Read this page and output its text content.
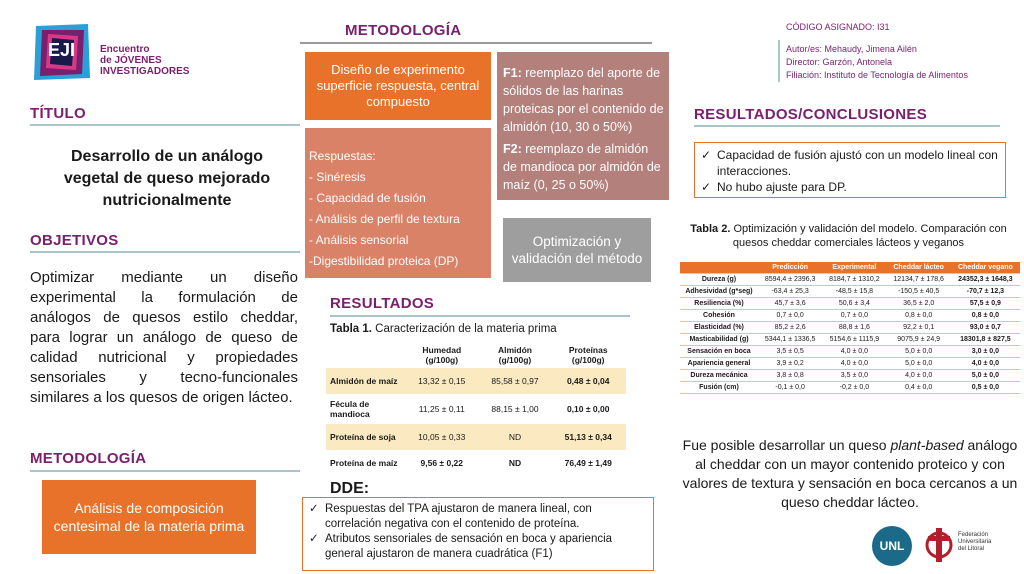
EJI Encuentro
de JÓVENES
INVESTIGADORES
CÓDIGO ASIGNADO: I31
Autor/es: Mehaudy, Jimena Ailén
Director: Garzón, Antonela
Filiación: Instituto de Tecnología de Alimentos
TÍTULO
Desarrollo de un análogo vegetal de queso mejorado nutricionalmente
OBJETIVOS
Optimizar mediante un diseño experimental la formulación de análogos de quesos estilo cheddar, para lograr un análogo de queso de calidad nutricional y propiedades sensoriales y tecno-funcionales similares a los quesos de origen lácteo.
METODOLOGÍA
Análisis de composición centesimal de la materia prima
METODOLOGÍA
Diseño de experimento superficie respuesta, central compuesto
Respuestas:
- Sinéresis
- Capacidad de fusión
- Análisis de perfil de textura
- Análisis sensorial
-Digestibilidad proteica (DP)
F1: reemplazo del aporte de sólidos de las harinas proteicas por el contenido de almidón (10, 30 o 50%)
F2: reemplazo de almidón de mandioca por almidón de maíz (0, 25 o 50%)
Optimización y validación del método
RESULTADOS
Tabla 1. Caracterización de la materia prima
	Humedad (g/100g)	Almidón (g/100g)	Proteínas (g/100g)
Almidón de maíz	13,32 ± 0,15	85,58 ± 0,97	0,48 ± 0,04
Fécula de mandioca	11,25 ± 0,11	88,15 ± 1,00	0,10 ± 0,00
Proteína de soja	10,05 ± 0,33	ND	51,13 ± 0,34
Proteína de maíz	9,56 ± 0,22	ND	76,49 ± 1,49
DDE:
✓ Respuestas del TPA ajustaron de manera lineal, con correlación negativa con el contenido de proteína.
✓ Atributos sensoriales de sensación en boca y apariencia general ajustaron de manera cuadrática (F1)
RESULTADOS/CONCLUSIONES
✓ Capacidad de fusión ajustó con un modelo lineal con interacciones.
✓ No hubo ajuste para DP.
Tabla 2. Optimización y validación del modelo. Comparación con quesos cheddar comerciales lácteos y veganos
	Predicción	Experimental	Cheddar lácteo	Cheddar vegano
Dureza (g)	8594,4 ± 2396,3	8184,7 ± 1310,2	12134,7 ± 178,6	24352,3 ± 1648,3
Adhesividad (g*seg)	-63,4 ± 25,3	-48,5 ± 15,8	-150,5 ± 40,5	-70,7 ± 12,3
Resiliencia (%)	45,7 ± 3,6	50,6 ± 3,4	36,5 ± 2,0	57,5 ± 0,9
Cohesión	0,7 ± 0,0	0,7 ± 0,0	0,8 ± 0,0	0,8 ± 0,0
Elasticidad (%)	85,2 ± 2,6	88,8 ± 1,6	92,2 ± 0,1	93,0 ± 0,7
Masticabilidad (g)	5344,1 ± 1336,5	5154,6 ± 1115,9	9075,9 ± 24,9	18301,8 ± 827,5
Sensación en boca	3,5 ± 0,5	4,0 ± 0,0	5,0 ± 0,0	3,0 ± 0,0
Apariencia general	3,9 ± 0,2	4,0 ± 0,0	5,0 ± 0,0	4,0 ± 0,0
Dureza mecánica	3,8 ± 0,8	3,5 ± 0,0	4,0 ± 0,0	5,0 ± 0,0
Fusión (cm)	-0,1 ± 0,0	-0,2 ± 0,0	0,4 ± 0,0	0,5 ± 0,0
Fue posible desarrollar un queso plant-based análogo al cheddar con un mayor contenido proteico y con valores de textura y sensación en boca cercanos a un queso cheddar lácteo.
UNL
Federación
Universitaria
del Litoral
